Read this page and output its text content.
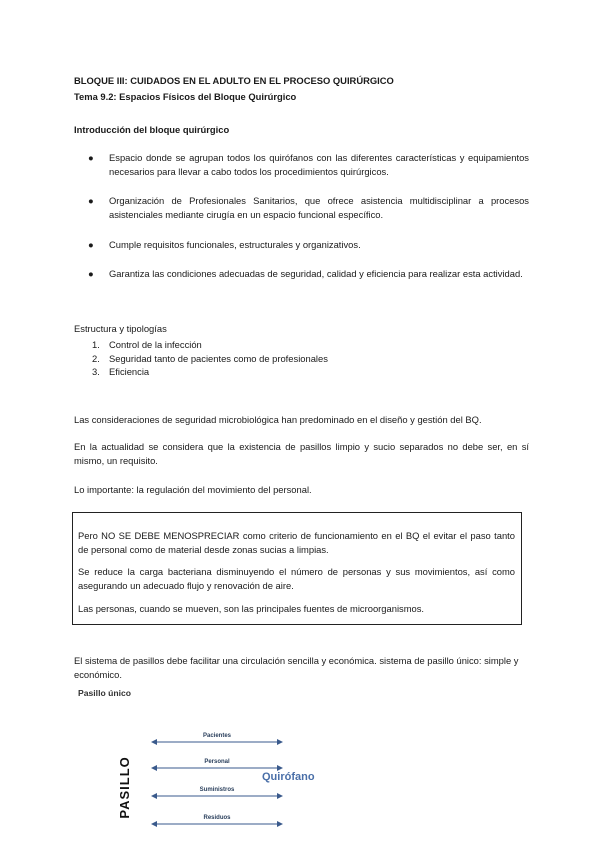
BLOQUE III: CUIDADOS EN EL ADULTO EN EL PROCESO QUIRÚRGICO
Tema 9.2: Espacios Físicos del Bloque Quirúrgico
Introducción del bloque quirúrgico
● Espacio donde se agrupan todos los quirófanos con las diferentes características y equipamientos necesarios para llevar a cabo todos los procedimientos quirúrgicos.
● Organización de Profesionales Sanitarios, que ofrece asistencia multidisciplinar a procesos asistenciales mediante cirugía en un espacio funcional específico.
● Cumple requisitos funcionales, estructurales y organizativos.
● Garantiza las condiciones adecuadas de seguridad, calidad y eficiencia para realizar esta actividad.
Estructura y tipologías
1. Control de la infección
2. Seguridad tanto de pacientes como de profesionales
3. Eficiencia
Las consideraciones de seguridad microbiológica han predominado en el diseño y gestión del BQ.
En la actualidad se considera que la existencia de pasillos limpio y sucio separados no debe ser, en sí mismo, un requisito.
Lo importante: la regulación del movimiento del personal.

Pero NO SE DEBE MENOSPRECIAR como criterio de funcionamiento en el BQ el evitar el paso tanto de personal como de material desde zonas sucias a limpias.

Se reduce la carga bacteriana disminuyendo el número de personas y sus movimientos, así como asegurando un adecuado flujo y renovación de aire.

Las personas, cuando se mueven, son las principales fuentes de microorganismos.

El sistema de pasillos debe facilitar una circulación sencilla y económica. sistema de pasillo único: simple y económico.
Pasillo único
PASILLO
Pacientes
Personal
Suministros
Residuos
Quirófano
